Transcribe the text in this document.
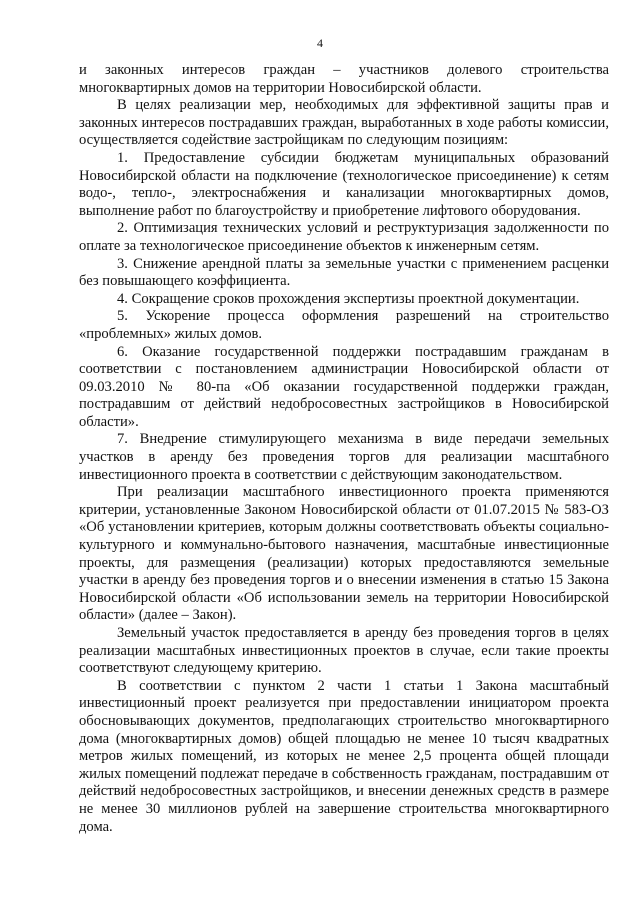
4

и законных интересов граждан – участников долевого строительства многоквартирных домов на территории Новосибирской области.

В целях реализации мер, необходимых для эффективной защиты прав и законных интересов пострадавших граждан, выработанных в ходе работы комиссии, осуществляется содействие застройщикам по следующим позициям:

1. Предоставление субсидии бюджетам муниципальных образований Новосибирской области на подключение (технологическое присоединение) к сетям водо-, тепло-, электроснабжения и канализации многоквартирных домов, выполнение работ по благоустройству и приобретение лифтового оборудования.

2. Оптимизация технических условий и реструктуризация задолженности по оплате за технологическое присоединение объектов к инженерным сетям.

3. Снижение арендной платы за земельные участки с применением расценки без повышающего коэффициента.

4. Сокращение сроков прохождения экспертизы проектной документации.

5. Ускорение процесса оформления разрешений на строительство «проблемных» жилых домов.

6. Оказание государственной поддержки пострадавшим гражданам в соответствии с постановлением администрации Новосибирской области от 09.03.2010 № 80-па «Об оказании государственной поддержки граждан, пострадавшим от действий недобросовестных застройщиков в Новосибирской области».

7. Внедрение стимулирующего механизма в виде передачи земельных участков в аренду без проведения торгов для реализации масштабного инвестиционного проекта в соответствии с действующим законодательством.

При реализации масштабного инвестиционного проекта применяются критерии, установленные Законом Новосибирской области от 01.07.2015 № 583-ОЗ «Об установлении критериев, которым должны соответствовать объекты социально-культурного и коммунально-бытового назначения, масштабные инвестиционные проекты, для размещения (реализации) которых предоставляются земельные участки в аренду без проведения торгов и о внесении изменения в статью 15 Закона Новосибирской области «Об использовании земель на территории Новосибирской области» (далее – Закон).

Земельный участок предоставляется в аренду без проведения торгов в целях реализации масштабных инвестиционных проектов в случае, если такие проекты соответствуют следующему критерию.

В соответствии с пунктом 2 части 1 статьи 1 Закона масштабный инвестиционный проект реализуется при предоставлении инициатором проекта обосновывающих документов, предполагающих строительство многоквартирного дома (многоквартирных домов) общей площадью не менее 10 тысяч квадратных метров жилых помещений, из которых не менее 2,5 процента общей площади жилых помещений подлежат передаче в собственность гражданам, пострадавшим от действий недобросовестных застройщиков, и внесении денежных средств в размере не менее 30 миллионов рублей на завершение строительства многоквартирного дома.
